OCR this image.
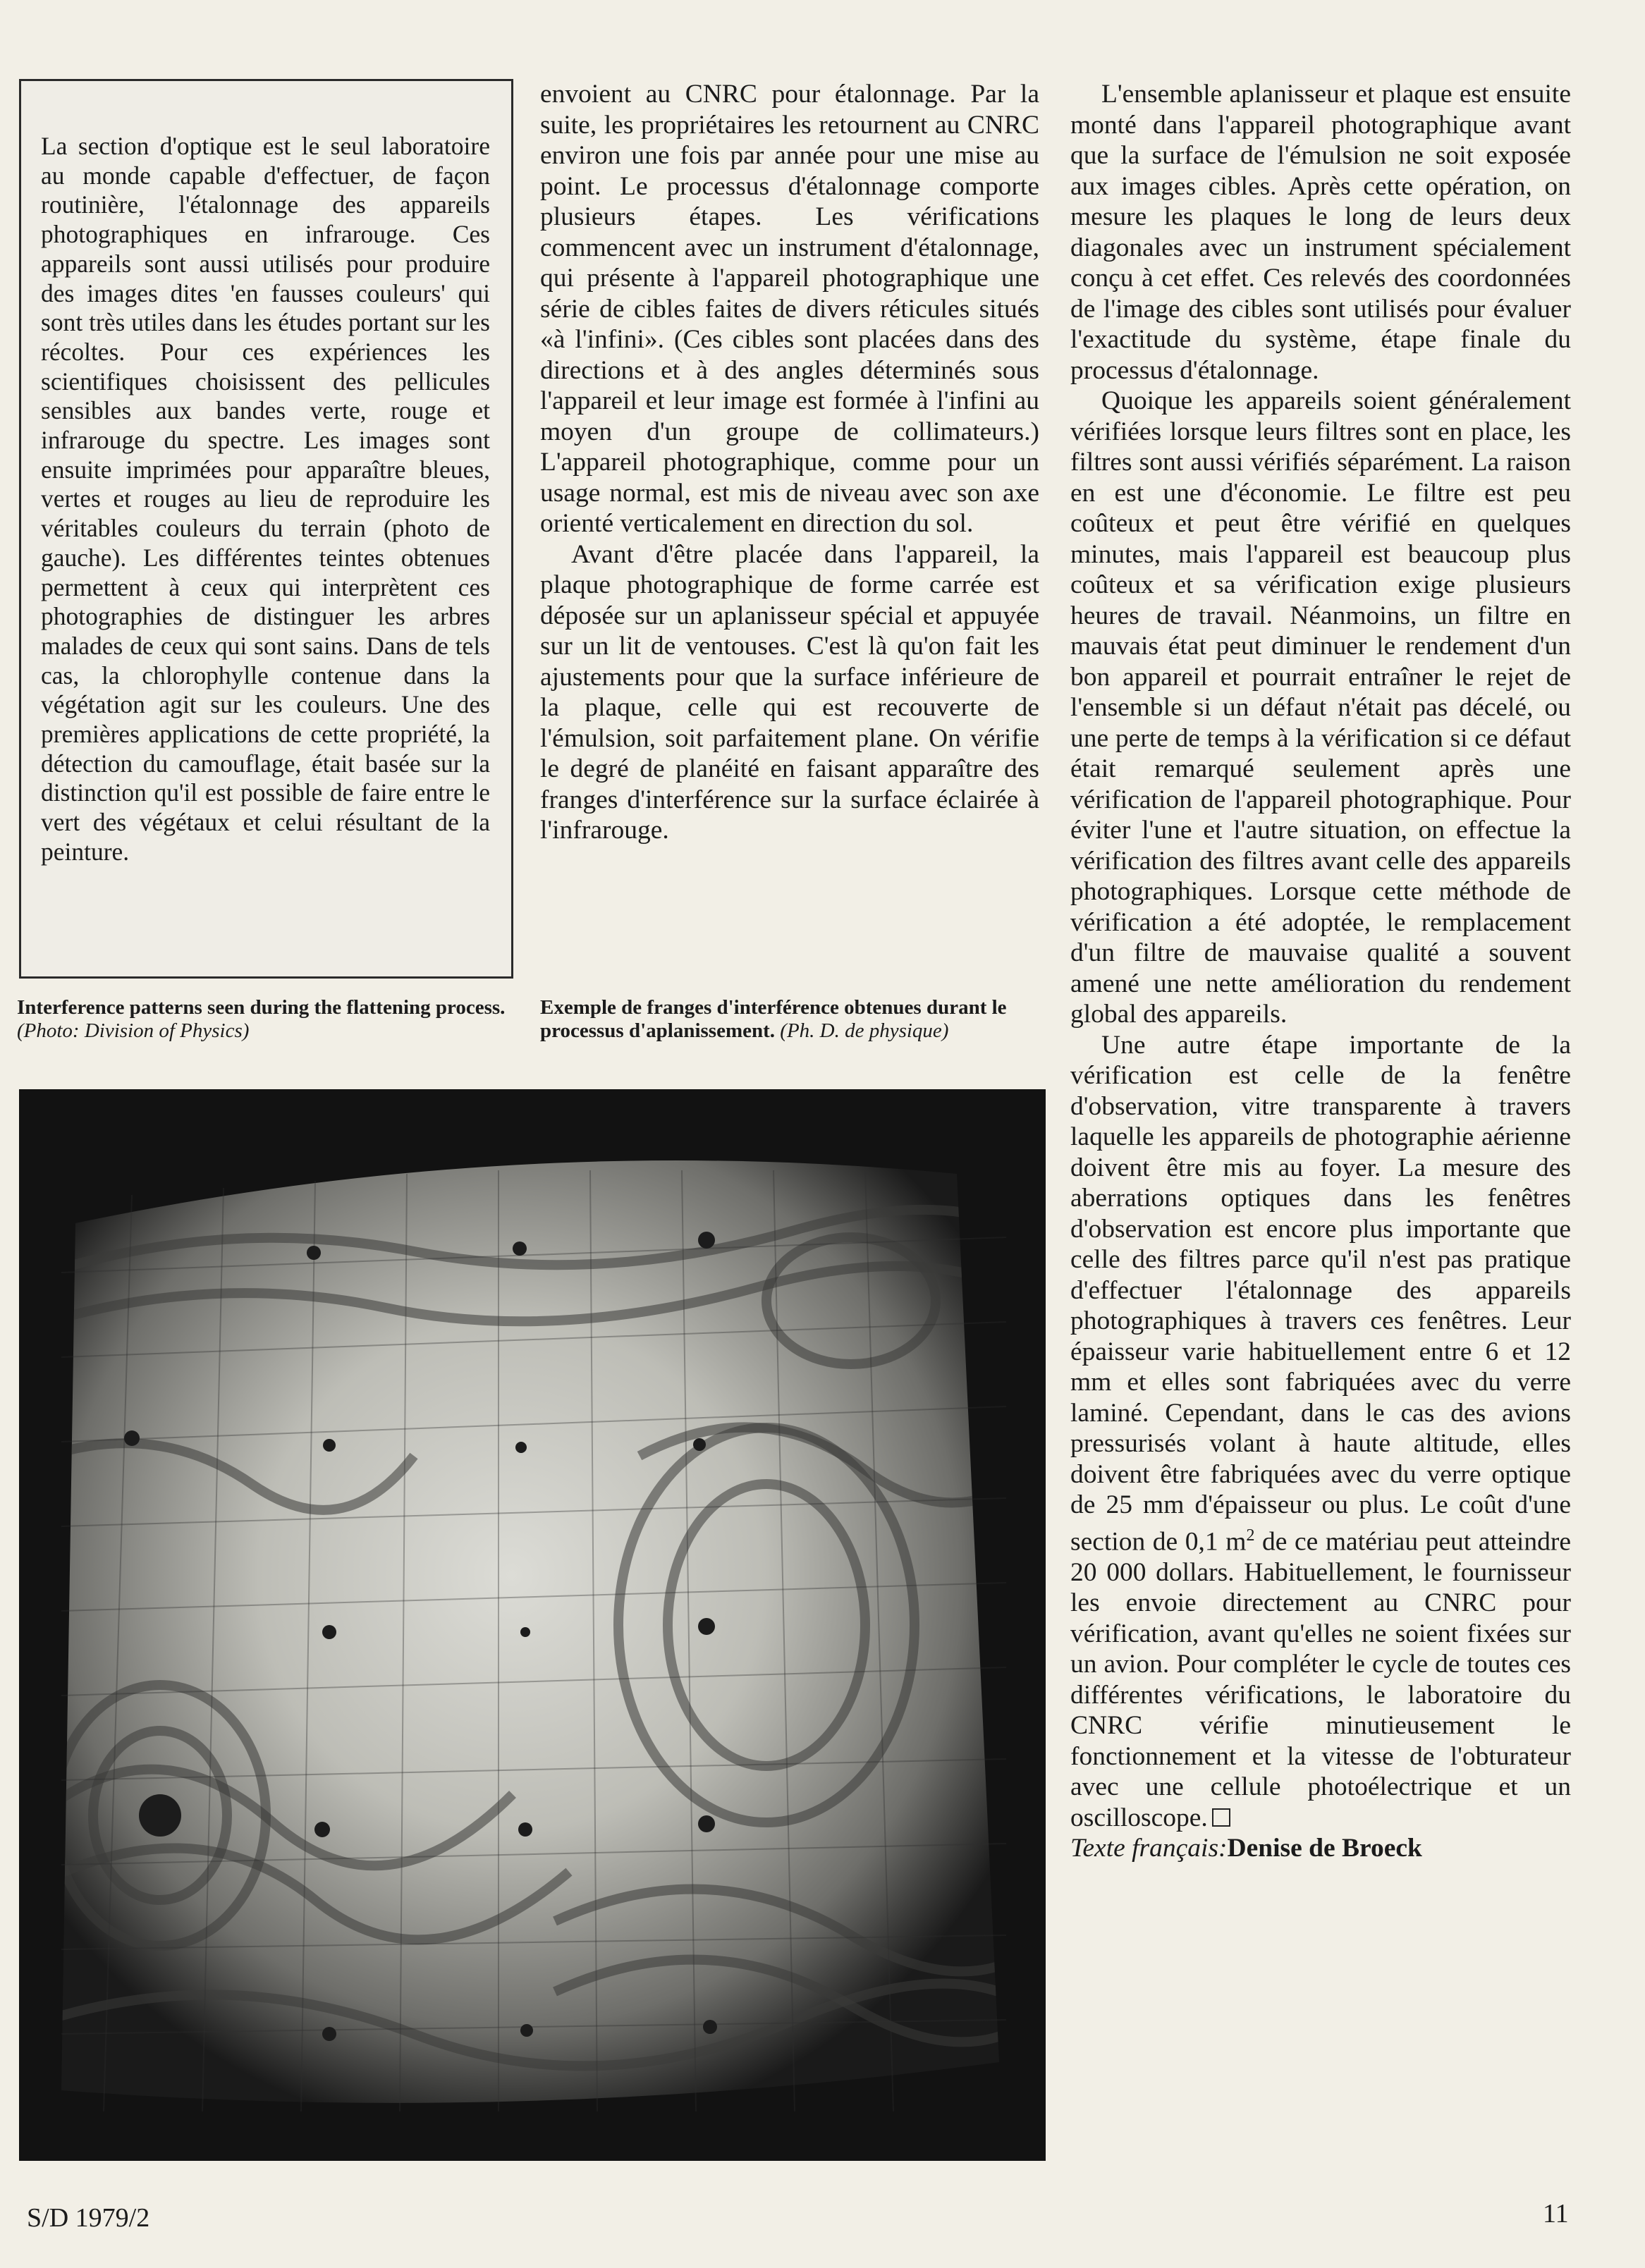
La section d'optique est le seul laboratoire au monde capable d'effectuer, de façon routinière, l'étalonnage des appareils photographiques en infrarouge. Ces appareils sont aussi utilisés pour produire des images dites 'en fausses couleurs' qui sont très utiles dans les études portant sur les récoltes. Pour ces expériences les scientifiques choisissent des pellicules sensibles aux bandes verte, rouge et infrarouge du spectre. Les images sont ensuite imprimées pour apparaître bleues, vertes et rouges au lieu de reproduire les véritables couleurs du terrain (photo de gauche). Les différentes teintes obtenues permettent à ceux qui interprètent ces photographies de distinguer les arbres malades de ceux qui sont sains. Dans de tels cas, la chlorophylle contenue dans la végétation agit sur les couleurs. Une des premières applications de cette propriété, la détection du camouflage, était basée sur la distinction qu'il est possible de faire entre le vert des végétaux et celui résultant de la peinture.

Interference patterns seen during the flattening process. (Photo: Division of Physics)
Exemple de franges d'interférence obtenues durant le processus d'aplanissement. (Ph. D. de physique)

envoient au CNRC pour étalonnage. Par la suite, les propriétaires les retournent au CNRC environ une fois par année pour une mise au point. Le processus d'étalonnage comporte plusieurs étapes. Les vérifications commencent avec un instrument d'étalonnage, qui présente à l'appareil photographique une série de cibles faites de divers réticules situés «à l'infini». (Ces cibles sont placées dans des directions et à des angles déterminés sous l'appareil et leur image est formée à l'infini au moyen d'un groupe de collimateurs.) L'appareil photographique, comme pour un usage normal, est mis de niveau avec son axe orienté verticalement en direction du sol.

Avant d'être placée dans l'appareil, la plaque photographique de forme carrée est déposée sur un aplanisseur spécial et appuyée sur un lit de ventouses. C'est là qu'on fait les ajustements pour que la surface inférieure de la plaque, celle qui est recouverte de l'émulsion, soit parfaitement plane. On vérifie le degré de planéité en faisant apparaître des franges d'interférence sur la surface éclairée à l'infrarouge.

L'ensemble aplanisseur et plaque est ensuite monté dans l'appareil photographique avant que la surface de l'émulsion ne soit exposée aux images cibles. Après cette opération, on mesure les plaques le long de leurs deux diagonales avec un instrument spécialement conçu à cet effet. Ces relevés des coordonnées de l'image des cibles sont utilisés pour évaluer l'exactitude du système, étape finale du processus d'étalonnage.

Quoique les appareils soient généralement vérifiées lorsque leurs filtres sont en place, les filtres sont aussi vérifiés séparément. La raison en est une d'économie. Le filtre est peu coûteux et peut être vérifié en quelques minutes, mais l'appareil est beaucoup plus coûteux et sa vérification exige plusieurs heures de travail. Néanmoins, un filtre en mauvais état peut diminuer le rendement d'un bon appareil et pourrait entraîner le rejet de l'ensemble si un défaut n'était pas décelé, ou une perte de temps à la vérification si ce défaut était remarqué seulement après une vérification de l'appareil photographique. Pour éviter l'une et l'autre situation, on effectue la vérification des filtres avant celle des appareils photographiques. Lorsque cette méthode de vérification a été adoptée, le remplacement d'un filtre de mauvaise qualité a souvent amené une nette amélioration du rendement global des appareils.

Une autre étape importante de la vérification est celle de la fenêtre d'observation, vitre transparente à travers laquelle les appareils de photographie aérienne doivent être mis au foyer. La mesure des aberrations optiques dans les fenêtres d'observation est encore plus importante que celle des filtres parce qu'il n'est pas pratique d'effectuer l'étalonnage des appareils photographiques à travers ces fenêtres. Leur épaisseur varie habituellement entre 6 et 12 mm et elles sont fabriquées avec du verre laminé. Cependant, dans le cas des avions pressurisés volant à haute altitude, elles doivent être fabriquées avec du verre optique de 25 mm d'épaisseur ou plus. Le coût d'une section de 0,1 $m^2$ de ce matériau peut atteindre 20 000 dollars. Habituellement, le fournisseur les envoie directement au CNRC pour vérification, avant qu'elles ne soient fixées sur un avion. Pour compléter le cycle de toutes ces différentes vérifications, le laboratoire du CNRC vérifie minutieusement le fonctionnement et la vitesse de l'obturateur avec une cellule photoélectrique et un oscilloscope.

Texte français:Denise de Broeck

S/D 1979/2	11
